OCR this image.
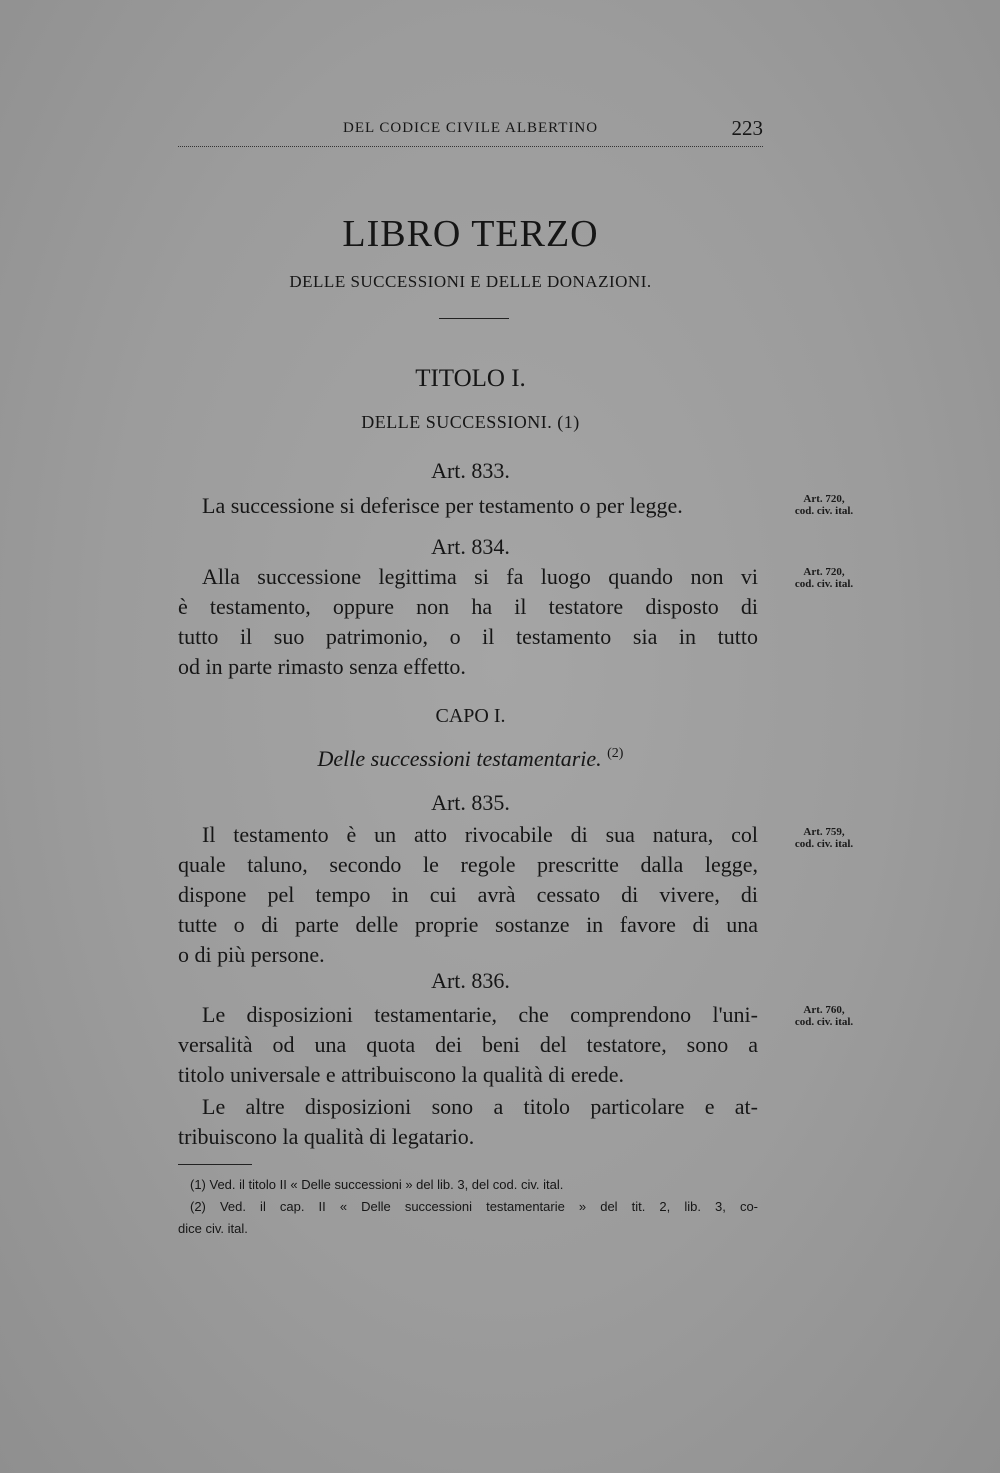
DEL CODICE CIVILE ALBERTINO	223
LIBRO TERZO
DELLE SUCCESSIONI E DELLE DONAZIONI.
TITOLO I.
DELLE SUCCESSIONI. (1)
Art. 833.
La successione si deferisce per testamento o per legge.	Art. 720,
cod. civ. ital.
Art. 834.
Alla successione legittima si fa luogo quando non vi
è testamento, oppure non ha il testatore disposto di
tutto il suo patrimonio, o il testamento sia in tutto
od in parte rimasto senza effetto.
Art. 720,
cod. civ. ital.
CAPO I.
Delle successioni testamentarie. $^{(2)}$
Art. 835.
Il testamento è un atto rivocabile di sua natura, col
quale taluno, secondo le regole prescritte dalla legge,
dispone pel tempo in cui avrà cessato di vivere, di
tutte o di parte delle proprie sostanze in favore di una
o di più persone.
Art. 759,
cod. civ. ital.
Art. 836.
Le disposizioni testamentarie, che comprendono l'uni-
versalità od una quota dei beni del testatore, sono a
titolo universale e attribuiscono la qualità di erede.
Le altre disposizioni sono a titolo particolare e at-
tribuiscono la qualità di legatario.
Art. 760,
cod. civ. ital.
(1) Ved. il titolo II « Delle successioni » del lib. 3, del cod. civ. ital.
(2) Ved. il cap. II « Delle successioni testamentarie » del tit. 2, lib. 3, co-
dice civ. ital.
